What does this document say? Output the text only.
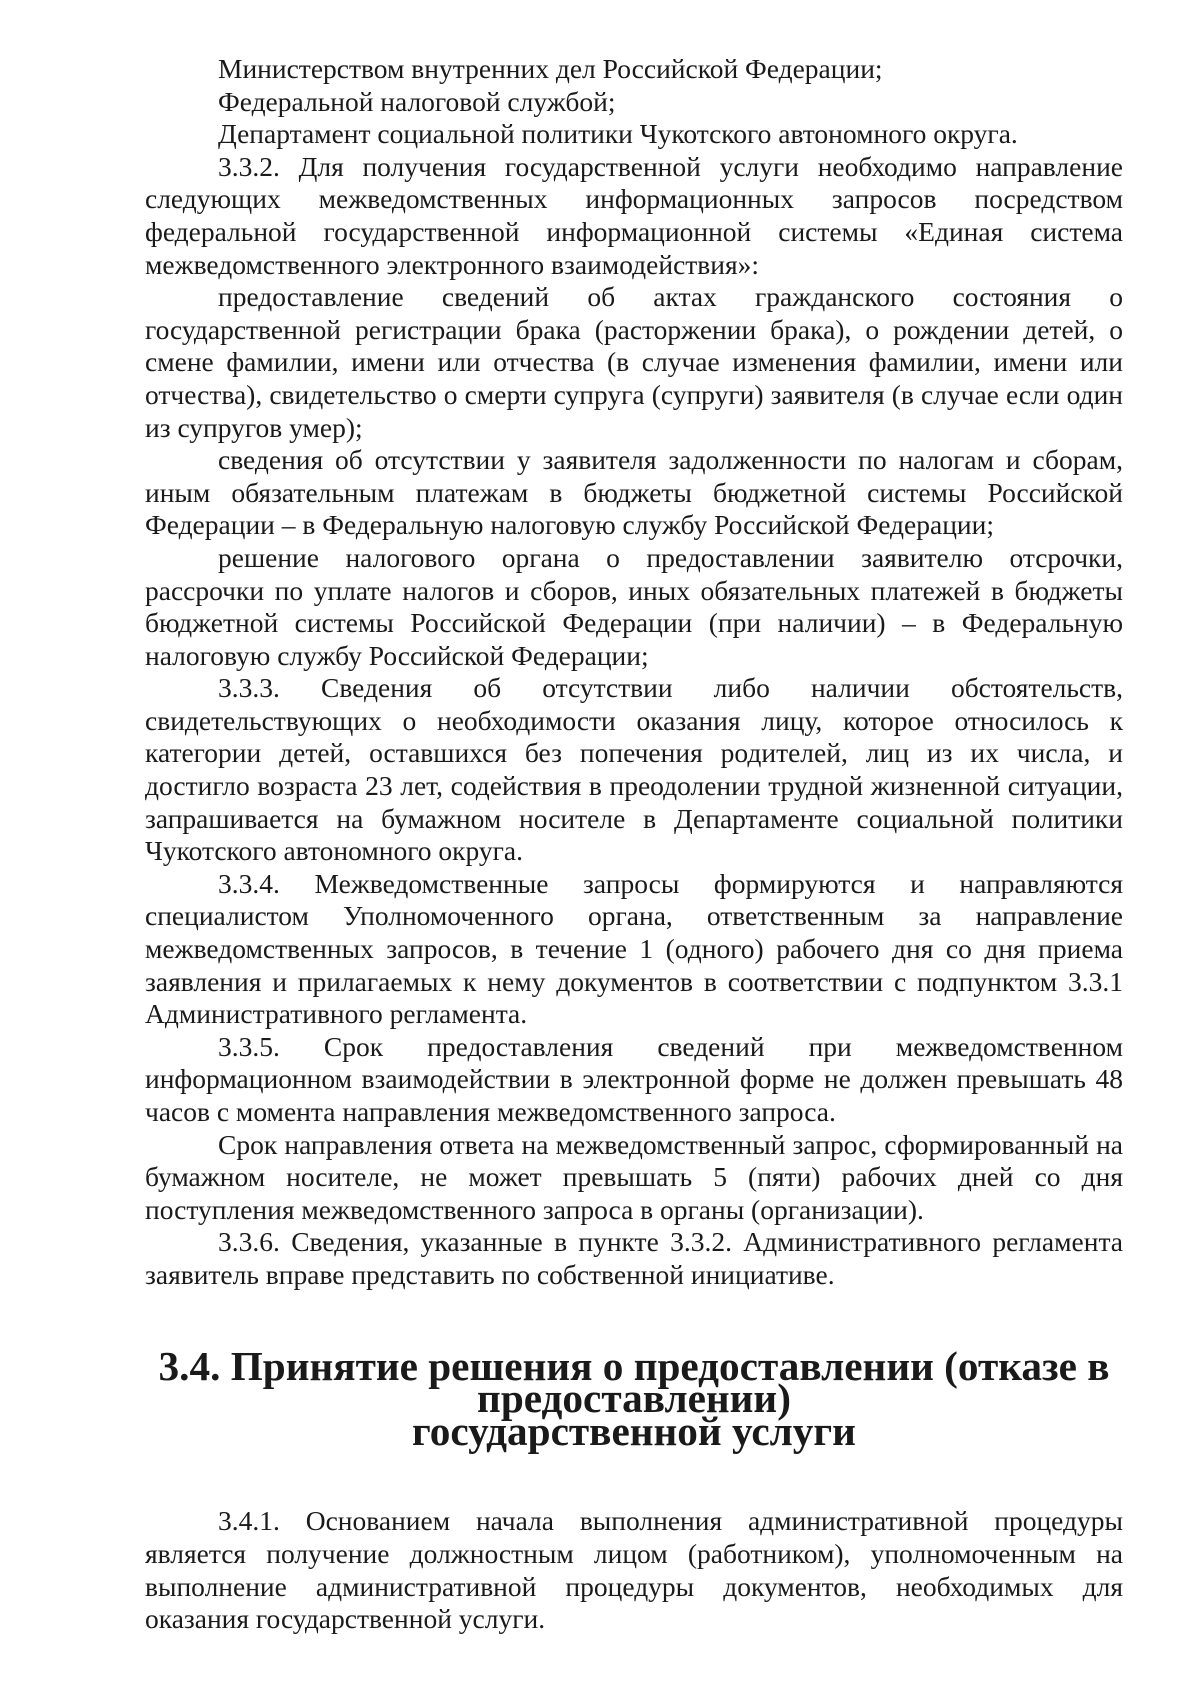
Министерством внутренних дел Российской Федерации;

Федеральной налоговой службой;

Департамент социальной политики Чукотского автономного округа.

3.3.2. Для получения государственной услуги необходимо направление следующих межведомственных информационных запросов посредством федеральной государственной информационной системы «Единая система межведомственного электронного взаимодействия»:

предоставление сведений об актах гражданского состояния о государственной регистрации брака (расторжении брака), о рождении детей, о смене фамилии, имени или отчества (в случае изменения фамилии, имени или отчества), свидетельство о смерти супруга (супруги) заявителя (в случае если один из супругов умер);

сведения об отсутствии у заявителя задолженности по налогам и сборам, иным обязательным платежам в бюджеты бюджетной системы Российской Федерации – в Федеральную налоговую службу Российской Федерации;

решение налогового органа о предоставлении заявителю отсрочки, рассрочки по уплате налогов и сборов, иных обязательных платежей в бюджеты бюджетной системы Российской Федерации (при наличии) – в Федеральную налоговую службу Российской Федерации;

3.3.3. Сведения об отсутствии либо наличии обстоятельств, свидетельствующих о необходимости оказания лицу, которое относилось к категории детей, оставшихся без попечения родителей, лиц из их числа, и достигло возраста 23 лет, содействия в преодолении трудной жизненной ситуации, запрашивается на бумажном носителе в Департаменте социальной политики Чукотского автономного округа.

3.3.4. Межведомственные запросы формируются и направляются специалистом Уполномоченного органа, ответственным за направление межведомственных запросов, в течение 1 (одного) рабочего дня со дня приема заявления и прилагаемых к нему документов в соответствии с подпунктом 3.3.1 Административного регламента.

3.3.5. Срок предоставления сведений при межведомственном информационном взаимодействии в электронной форме не должен превышать 48 часов с момента направления межведомственного запроса.

Срок направления ответа на межведомственный запрос, сформированный на бумажном носителе, не может превышать 5 (пяти) рабочих дней со дня поступления межведомственного запроса в органы (организации).

3.3.6. Сведения, указанные в пункте 3.3.2. Административного регламента заявитель вправе представить по собственной инициативе.

3.4. Принятие решения о предоставлении (отказе в предоставлении)
государственной услуги

3.4.1. Основанием начала выполнения административной процедуры является получение должностным лицом (работником), уполномоченным на выполнение административной процедуры документов, необходимых для оказания государственной услуги.
